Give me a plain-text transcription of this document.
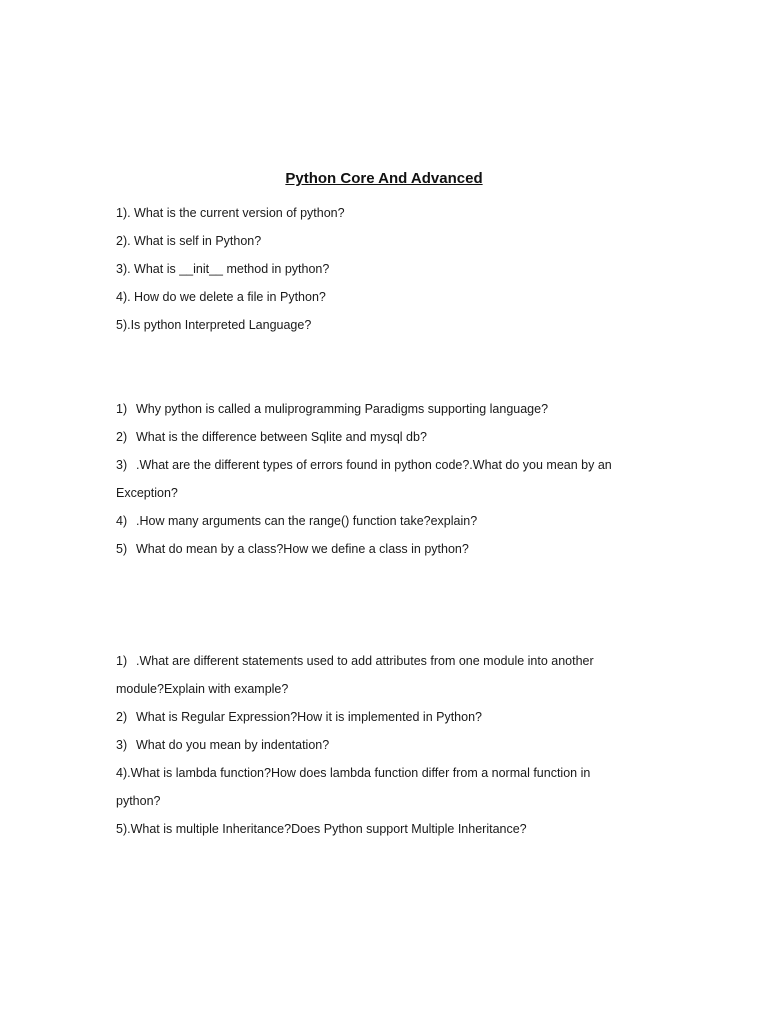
Python Core And Advanced

1). What is the current version of python?

2). What is self in Python?

3). What is __init__ method in python?

4). How do we delete a file in Python?

5).Is python Interpreted Language?

1) Why python is called a muliprogramming Paradigms supporting language?

2) What is the difference between Sqlite and mysql db?

3) .What are the different types of errors found in python code?.What do you mean by an

Exception?

4) .How many arguments can the range() function take?explain?

5) What do mean by a class?How we define a class in python?

1) .What are different statements used to add attributes from one module into another

module?Explain with example?

2) What is Regular Expression?How it is implemented in Python?

3) What do you mean by indentation?

4).What is lambda function?How does lambda function differ from a normal function in

python?

5).What is multiple Inheritance?Does Python support Multiple Inheritance?
